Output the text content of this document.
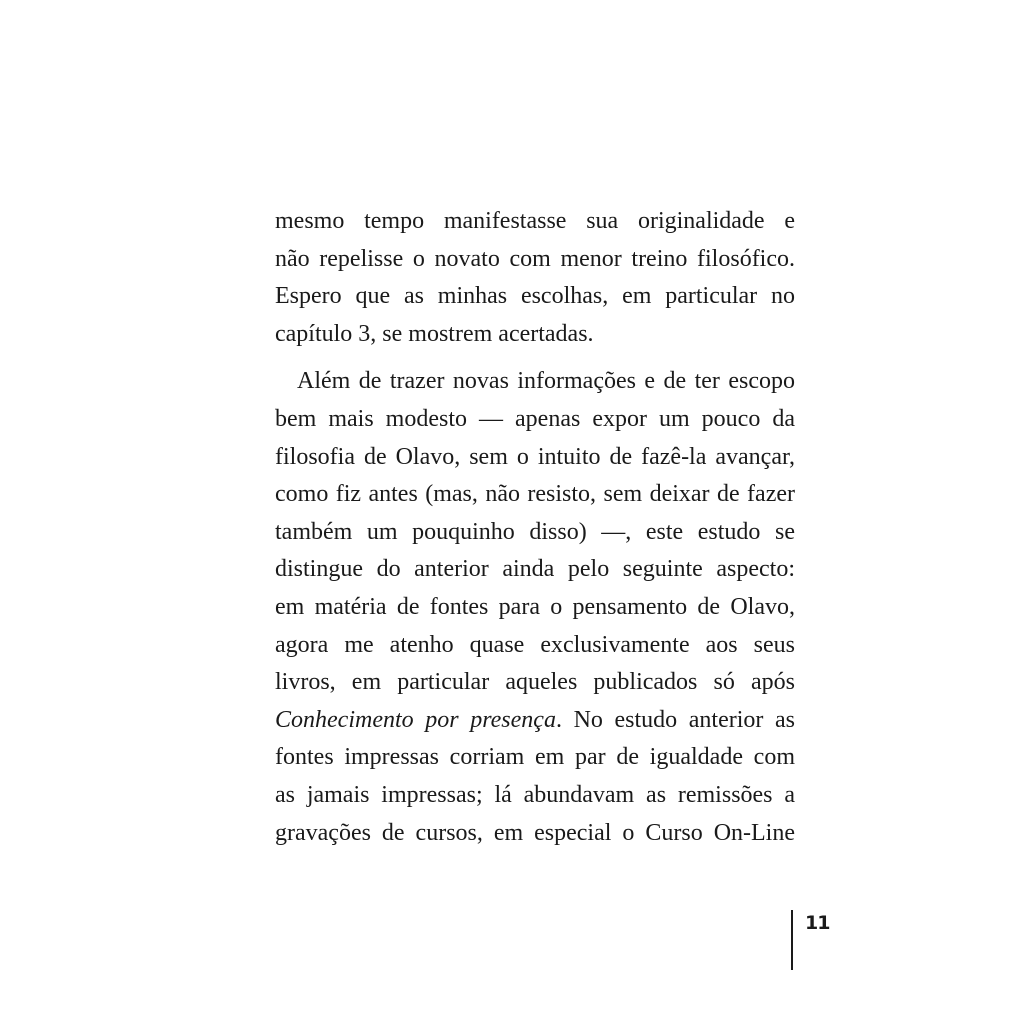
mesmo tempo manifestasse sua originalidade e
não repelisse o novato com menor treino filosófico.
Espero que as minhas escolhas, em particular no
capítulo 3, se mostrem acertadas.
Além de trazer novas informações e de ter escopo
bem mais modesto — apenas expor um pouco da
filosofia de Olavo, sem o intuito de fazê-la avançar,
como fiz antes (mas, não resisto, sem deixar de fazer
também um pouquinho disso) —, este estudo se
distingue do anterior ainda pelo seguinte aspecto:
em matéria de fontes para o pensamento de Olavo,
agora me atenho quase exclusivamente aos seus
livros, em particular aqueles publicados só após
Conhecimento por presença. No estudo anterior as
fontes impressas corriam em par de igualdade com
as jamais impressas; lá abundavam as remissões a
gravações de cursos, em especial o Curso On-Line
11
